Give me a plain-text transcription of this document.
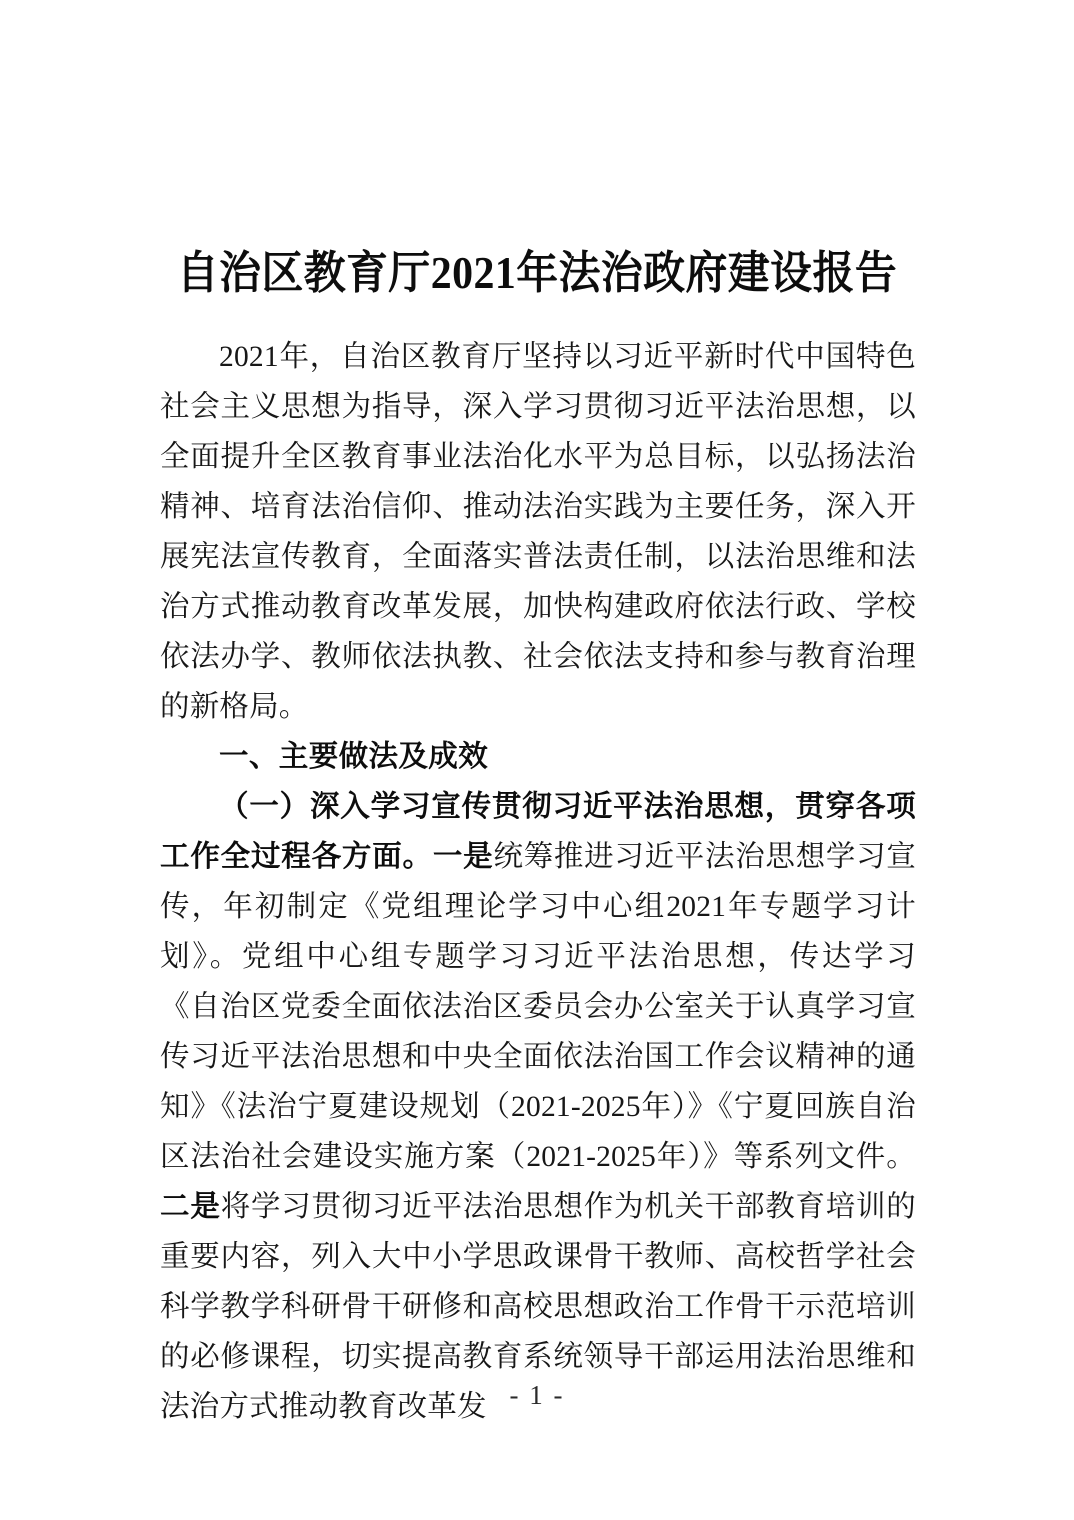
自治区教育厅2021年法治政府建设报告

2021年，自治区教育厅坚持以习近平新时代中国特色社会主义思想为指导，深入学习贯彻习近平法治思想，以全面提升全区教育事业法治化水平为总目标，以弘扬法治精神、培育法治信仰、推动法治实践为主要任务，深入开展宪法宣传教育，全面落实普法责任制，以法治思维和法治方式推动教育改革发展，加快构建政府依法行政、学校依法办学、教师依法执教、社会依法支持和参与教育治理的新格局。

一、主要做法及成效

（一）深入学习宣传贯彻习近平法治思想，贯穿各项工作全过程各方面。一是统筹推进习近平法治思想学习宣传，年初制定《党组理论学习中心组2021年专题学习计划》。党组中心组专题学习习近平法治思想，传达学习《自治区党委全面依法治区委员会办公室关于认真学习宣传习近平法治思想和中央全面依法治国工作会议精神的通知》《法治宁夏建设规划（2021-2025年）》《宁夏回族自治区法治社会建设实施方案（2021-2025年）》等系列文件。二是将学习贯彻习近平法治思想作为机关干部教育培训的重要内容，列入大中小学思政课骨干教师、高校哲学社会科学教学科研骨干研修和高校思想政治工作骨干示范培训的必修课程，切实提高教育系统领导干部运用法治思维和法治方式推动教育改革发 - 1 -
